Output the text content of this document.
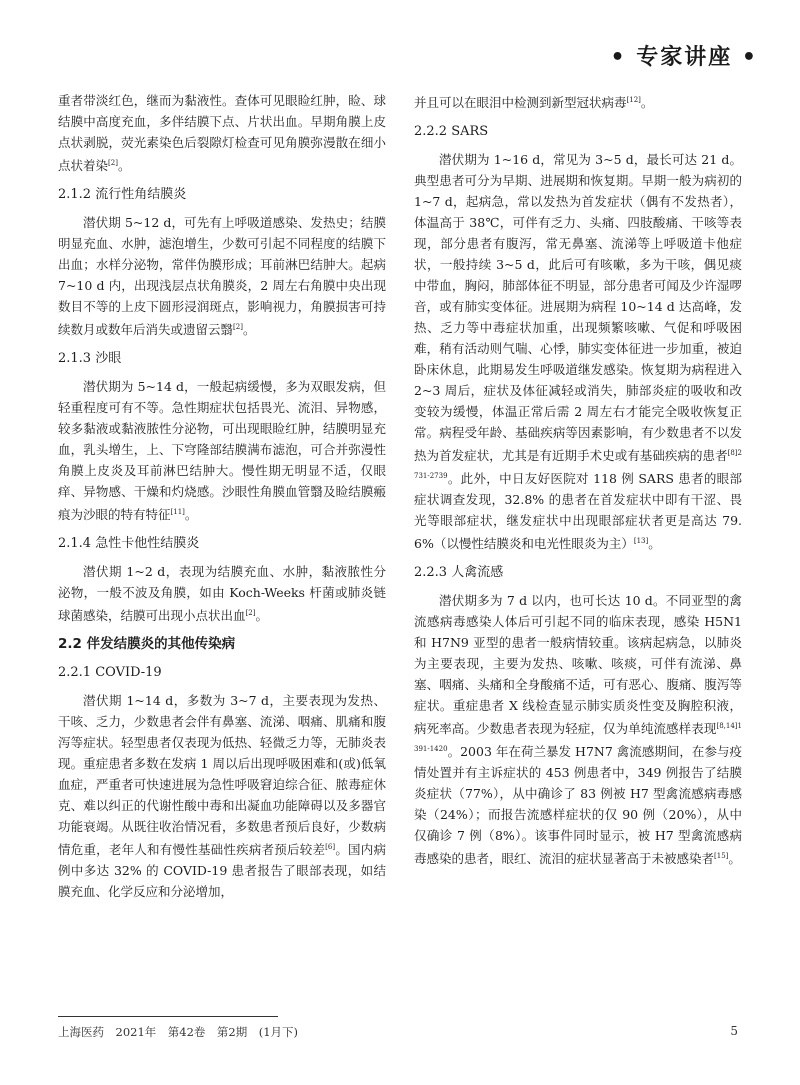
• 专家讲座 •

重者带淡红色，继而为黏液性。查体可见眼睑红肿，睑、球结膜中高度充血，多伴结膜下点、片状出血。早期角膜上皮点状剥脱，荧光素染色后裂隙灯检查可见角膜弥漫散在细小点状着染[2]。

2.1.2 流行性角结膜炎

潜伏期 5~12 d，可先有上呼吸道感染、发热史；结膜明显充血、水肿，滤泡增生，少数可引起不同程度的结膜下出血；水样分泌物，常伴伪膜形成；耳前淋巴结肿大。起病 7~10 d 内，出现浅层点状角膜炎，2 周左右角膜中央出现数目不等的上皮下圆形浸润斑点，影响视力，角膜损害可持续数月或数年后消失或遗留云翳[2]。

2.1.3 沙眼

潜伏期为 5~14 d，一般起病缓慢，多为双眼发病，但轻重程度可有不等。急性期症状包括畏光、流泪、异物感，较多黏液或黏液脓性分泌物，可出现眼睑红肿，结膜明显充血，乳头增生，上、下穹隆部结膜满布滤泡，可合并弥漫性角膜上皮炎及耳前淋巴结肿大。慢性期无明显不适，仅眼痒、异物感、干燥和灼烧感。沙眼性角膜血管翳及睑结膜瘢痕为沙眼的特有特征[11]。

2.1.4 急性卡他性结膜炎

潜伏期 1~2 d，表现为结膜充血、水肿，黏液脓性分泌物，一般不波及角膜，如由 Koch-Weeks 杆菌或肺炎链球菌感染，结膜可出现小点状出血[2]。

2.2 伴发结膜炎的其他传染病
2.2.1 COVID-19

潜伏期 1~14 d，多数为 3~7 d，主要表现为发热、干咳、乏力，少数患者会伴有鼻塞、流涕、咽痛、肌痛和腹泻等症状。轻型患者仅表现为低热、轻微乏力等，无肺炎表现。重症患者多数在发病 1 周以后出现呼吸困难和(或)低氧血症，严重者可快速进展为急性呼吸窘迫综合征、脓毒症休克、难以纠正的代谢性酸中毒和出凝血功能障碍以及多器官功能衰竭。从既往收治情况看，多数患者预后良好，少数病情危重，老年人和有慢性基础性疾病者预后较差[6]。国内病例中多达 32% 的 COVID-19 患者报告了眼部表现，如结膜充血、化学反应和分泌增加，

并且可以在眼泪中检测到新型冠状病毒[12]。

2.2.2 SARS

潜伏期为 1~16 d，常见为 3~5 d，最长可达 21 d。典型患者可分为早期、进展期和恢复期。早期一般为病初的 1~7 d，起病急，常以发热为首发症状（偶有不发热者），体温高于 38℃，可伴有乏力、头痛、四肢酸痛、干咳等表现，部分患者有腹泻，常无鼻塞、流涕等上呼吸道卡他症状，一般持续 3~5 d，此后可有咳嗽，多为干咳，偶见痰中带血，胸闷，肺部体征不明显，部分患者可闻及少许湿啰音，或有肺实变体征。进展期为病程 10~14 d 达高峰，发热、乏力等中毒症状加重，出现频繁咳嗽、气促和呼吸困难，稍有活动则气喘、心悸，肺实变体征进一步加重，被迫卧床休息，此期易发生呼吸道继发感染。恢复期为病程进入 2~3 周后，症状及体征减轻或消失，肺部炎症的吸收和改变较为缓慢，体温正常后需 2 周左右才能完全吸收恢复正常。病程受年龄、基础疾病等因素影响，有少数患者不以发热为首发症状，尤其是有近期手术史或有基础疾病的患者$^{[8]2731-2739}$。此外，中日友好医院对 118 例 SARS 患者的眼部症状调查发现，32.8% 的患者在首发症状中即有干涩、畏光等眼部症状，继发症状中出现眼部症状者更是高达 79.6%（以慢性结膜炎和电光性眼炎为主）[13]。

2.2.3 人禽流感

潜伏期多为 7 d 以内，也可长达 10 d。不同亚型的禽流感病毒感染人体后可引起不同的临床表现，感染 H5N1 和 H7N9 亚型的患者一般病情较重。该病起病急，以肺炎为主要表现，主要为发热、咳嗽、咳痰，可伴有流涕、鼻塞、咽痛、头痛和全身酸痛不适，可有恶心、腹痛、腹泻等症状。重症患者 X 线检查显示肺实质炎性变及胸腔积液，病死率高。少数患者表现为轻症，仅为单纯流感样表现$^{[8,14]1391-1420}$。2003 年在荷兰暴发 H7N7 禽流感期间，在参与疫情处置并有主诉症状的 453 例患者中，349 例报告了结膜炎症状（77%），从中确诊了 83 例被 H7 型禽流感病毒感染（24%）；而报告流感样症状的仅 90 例（20%），从中仅确诊 7 例（8%）。该事件同时显示，被 H7 型禽流感病毒感染的患者，眼红、流泪的症状显著高于未被感染者[15]。

上海医药　2021年　第42卷　第2期　(1月下)	5
